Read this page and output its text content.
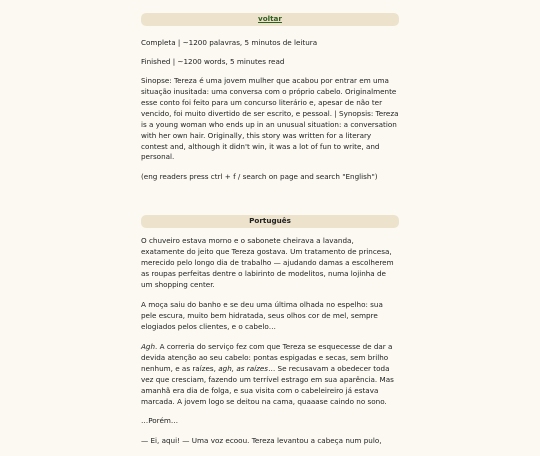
voltar

Completa | ~1200 palavras, 5 minutos de leitura

Finished | ~1200 words, 5 minutes read

Sinopse: Tereza é uma jovem mulher que acabou por entrar em uma situação inusitada: uma conversa com o próprio cabelo. Originalmente esse conto foi feito para um concurso literário e, apesar de não ter vencido, foi muito divertido de ser escrito, e pessoal. | Synopsis: Tereza is a young woman who ends up in an unusual situation: a conversation with her own hair. Originally, this story was written for a literary contest and, although it didn't win, it was a lot of fun to write, and personal.

(eng readers press ctrl + f / search on page and search "English")

Português

O chuveiro estava morno e o sabonete cheirava a lavanda, exatamente do jeito que Tereza gostava. Um tratamento de princesa, merecido pelo longo dia de trabalho — ajudando damas a escolherem as roupas perfeitas dentre o labirinto de modelitos, numa lojinha de um shopping center.

A moça saiu do banho e se deu uma última olhada no espelho: sua pele escura, muito bem hidratada, seus olhos cor de mel, sempre elogiados pelos clientes, e o cabelo…

Agh. A correria do serviço fez com que Tereza se esquecesse de dar a devida atenção ao seu cabelo: pontas espigadas e secas, sem brilho nenhum, e as raízes, agh, as raízes… Se recusavam a obedecer toda vez que cresciam, fazendo um terrível estrago em sua aparência. Mas amanhã era dia de folga, e sua visita com o cabeleireiro já estava marcada. A jovem logo se deitou na cama, quaaase caindo no sono.

…Porém…

— Ei, aqui! — Uma voz ecoou. Tereza levantou a cabeça num pulo,
